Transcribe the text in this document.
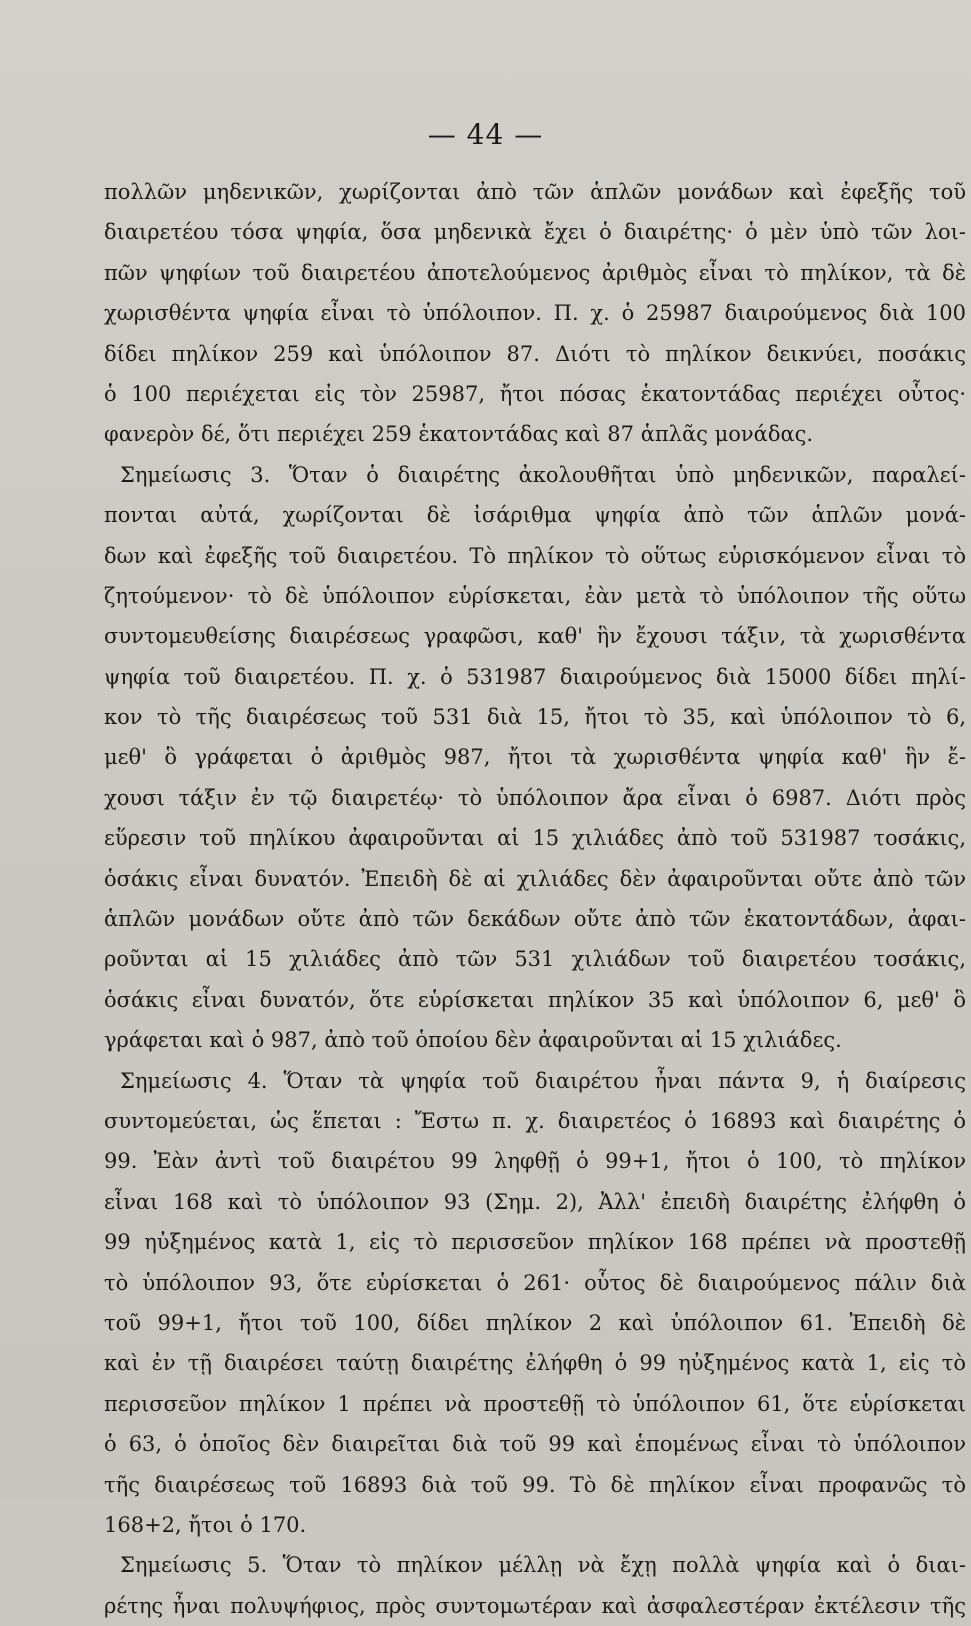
— 44 —
πολλῶν μηδενικῶν, χωρίζονται ἀπὸ τῶν ἁπλῶν μονάδων καὶ ἐφεξῆς τοῦ
διαιρετέου τόσα ψηφία, ὅσα μηδενικὰ ἔχει ὁ διαιρέτης· ὁ μὲν ὑπὸ τῶν λοι-
πῶν ψηφίων τοῦ διαιρετέου ἀποτελούμενος ἀριθμὸς εἶναι τὸ πηλίκον, τὰ δὲ
χωρισθέντα ψηφία εἶναι τὸ ὑπόλοιπον. Π. χ. ὁ 25987 διαιρούμενος διὰ 100
δίδει πηλίκον 259 καὶ ὑπόλοιπον 87. Διότι τὸ πηλίκον δεικνύει, ποσάκις
ὁ 100 περιέχεται εἰς τὸν 25987, ἤτοι πόσας ἑκατοντάδας περιέχει οὗτος·
φανερὸν δέ, ὅτι περιέχει 259 ἑκατοντάδας καὶ 87 ἁπλᾶς μονάδας.
Σημείωσις 3. Ὅταν ὁ διαιρέτης ἀκολουθῆται ὑπὸ μηδενικῶν, παραλεί-
πονται αὐτά, χωρίζονται δὲ ἰσάριθμα ψηφία ἀπὸ τῶν ἁπλῶν μονά-
δων καὶ ἐφεξῆς τοῦ διαιρετέου. Τὸ πηλίκον τὸ οὕτως εὑρισκόμενον εἶναι τὸ
ζητούμενον· τὸ δὲ ὑπόλοιπον εὑρίσκεται, ἐὰν μετὰ τὸ ὑπόλοιπον τῆς οὕτω
συντομευθείσης διαιρέσεως γραφῶσι, καθ' ἣν ἔχουσι τάξιν, τὰ χωρισθέντα
ψηφία τοῦ διαιρετέου. Π. χ. ὁ 531987 διαιρούμενος διὰ 15000 δίδει πηλί-
κον τὸ τῆς διαιρέσεως τοῦ 531 διὰ 15, ἤτοι τὸ 35, καὶ ὑπόλοιπον τὸ 6,
μεθ' ὃ γράφεται ὁ ἀριθμὸς 987, ἤτοι τὰ χωρισθέντα ψηφία καθ' ἣν ἔ-
χουσι τάξιν ἐν τῷ διαιρετέῳ· τὸ ὑπόλοιπον ἄρα εἶναι ὁ 6987. Διότι πρὸς
εὕρεσιν τοῦ πηλίκου ἀφαιροῦνται αἱ 15 χιλιάδες ἀπὸ τοῦ 531987 τοσάκις,
ὁσάκις εἶναι δυνατόν. Ἐπειδὴ δὲ αἱ χιλιάδες δὲν ἀφαιροῦνται οὔτε ἀπὸ τῶν
ἁπλῶν μονάδων οὔτε ἀπὸ τῶν δεκάδων οὔτε ἀπὸ τῶν ἑκατοντάδων, ἀφαι-
ροῦνται αἱ 15 χιλιάδες ἀπὸ τῶν 531 χιλιάδων τοῦ διαιρετέου τοσάκις,
ὁσάκις εἶναι δυνατόν, ὅτε εὑρίσκεται πηλίκον 35 καὶ ὑπόλοιπον 6, μεθ' ὃ
γράφεται καὶ ὁ 987, ἀπὸ τοῦ ὁποίου δὲν ἀφαιροῦνται αἱ 15 χιλιάδες.
Σημείωσις 4. Ὅταν τὰ ψηφία τοῦ διαιρέτου ἦναι πάντα 9, ἡ διαίρεσις
συντομεύεται, ὡς ἕπεται : Ἔστω π. χ. διαιρετέος ὁ 16893 καὶ διαιρέτης ὁ
99. Ἐὰν ἀντὶ τοῦ διαιρέτου 99 ληφθῇ ὁ 99+1, ἤτοι ὁ 100, τὸ πηλίκον
εἶναι 168 καὶ τὸ ὑπόλοιπον 93 (Σημ. 2), Ἀλλ' ἐπειδὴ διαιρέτης ἐλήφθη ὁ
99 ηὐξημένος κατὰ 1, εἰς τὸ περισσεῦον πηλίκον 168 πρέπει νὰ προστεθῇ
τὸ ὑπόλοιπον 93, ὅτε εὑρίσκεται ὁ 261· οὗτος δὲ διαιρούμενος πάλιν διὰ
τοῦ 99+1, ἤτοι τοῦ 100, δίδει πηλίκον 2 καὶ ὑπόλοιπον 61. Ἐπειδὴ δὲ
καὶ ἐν τῇ διαιρέσει ταύτῃ διαιρέτης ἐλήφθη ὁ 99 ηὐξημένος κατὰ 1, εἰς τὸ
περισσεῦον πηλίκον 1 πρέπει νὰ προστεθῇ τὸ ὑπόλοιπον 61, ὅτε εὑρίσκεται
ὁ 63, ὁ ὁποῖος δὲν διαιρεῖται διὰ τοῦ 99 καὶ ἑπομένως εἶναι τὸ ὑπόλοιπον
τῆς διαιρέσεως τοῦ 16893 διὰ τοῦ 99. Τὸ δὲ πηλίκον εἶναι προφανῶς τὸ
168+2, ἤτοι ὁ 170.
Σημείωσις 5. Ὅταν τὸ πηλίκον μέλλῃ νὰ ἔχῃ πολλὰ ψηφία καὶ ὁ διαι-
ρέτης ἦναι πολυψήφιος, πρὸς συντομωτέραν καὶ ἀσφαλεστέραν ἐκτέλεσιν τῆς
